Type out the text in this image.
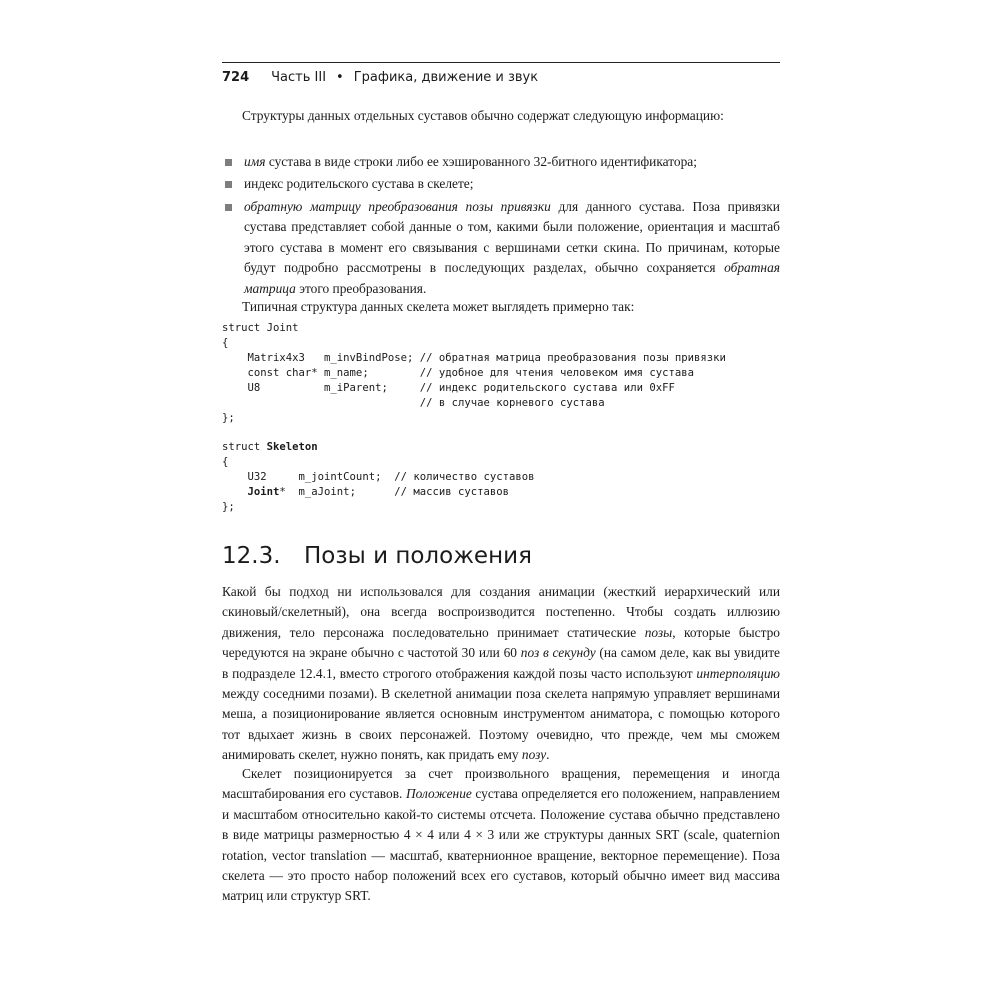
724 Часть III • Графика, движение и звук

Структуры данных отдельных суставов обычно содержат следующую информацию:

имя сустава в виде строки либо ее хэшированного 32-битного идентификатора;

индекс родительского сустава в скелете;

обратную матрицу преобразования позы привязки для данного сустава. Поза привязки сустава представляет собой данные о том, какими были положение, ориентация и масштаб этого сустава в момент его связывания с вершинами сетки скина. По причинам, которые будут подробно рассмотрены в последующих разделах, обычно сохраняется обратная матрица этого преобразования.

Типичная структура данных скелета может выглядеть примерно так:

struct Joint
{
Matrix4x3   m_invBindPose; // обратная матрица преобразования позы привязки
const char* m_name;        // удобное для чтения человеком имя сустава
U8          m_iParent;     // индекс родительского сустава или 0xFF
// в случае корневого сустава
};
struct Skeleton
{
U32     m_jointCount;  // количество суставов
Joint*  m_aJoint;      // массив суставов
};
12.3. Позы и положения

Какой бы подход ни использовался для создания анимации (жесткий иерархический или скиновый/скелетный), она всегда воспроизводится постепенно. Чтобы создать иллюзию движения, тело персонажа последовательно принимает статические позы, которые быстро чередуются на экране обычно с частотой 30 или 60 поз в секунду (на самом деле, как вы увидите в подразделе 12.4.1, вместо строгого отображения каждой позы часто используют интерполяцию между соседними позами). В скелетной анимации поза скелета напрямую управляет вершинами меша, а позиционирование является основным инструментом аниматора, с помощью которого тот вдыхает жизнь в своих персонажей. Поэтому очевидно, что прежде, чем мы сможем анимировать скелет, нужно понять, как придать ему позу.

Скелет позиционируется за счет произвольного вращения, перемещения и иногда масштабирования его суставов. Положение сустава определяется его положением, направлением и масштабом относительно какой-то системы отсчета. Положение сустава обычно представлено в виде матрицы размерностью 4 × 4 или 4 × 3 или же структуры данных SRT (scale, quaternion rotation, vector translation — масштаб, кватернионное вращение, векторное перемещение). Поза скелета — это просто набор положений всех его суставов, который обычно имеет вид массива матриц или структур SRT.
